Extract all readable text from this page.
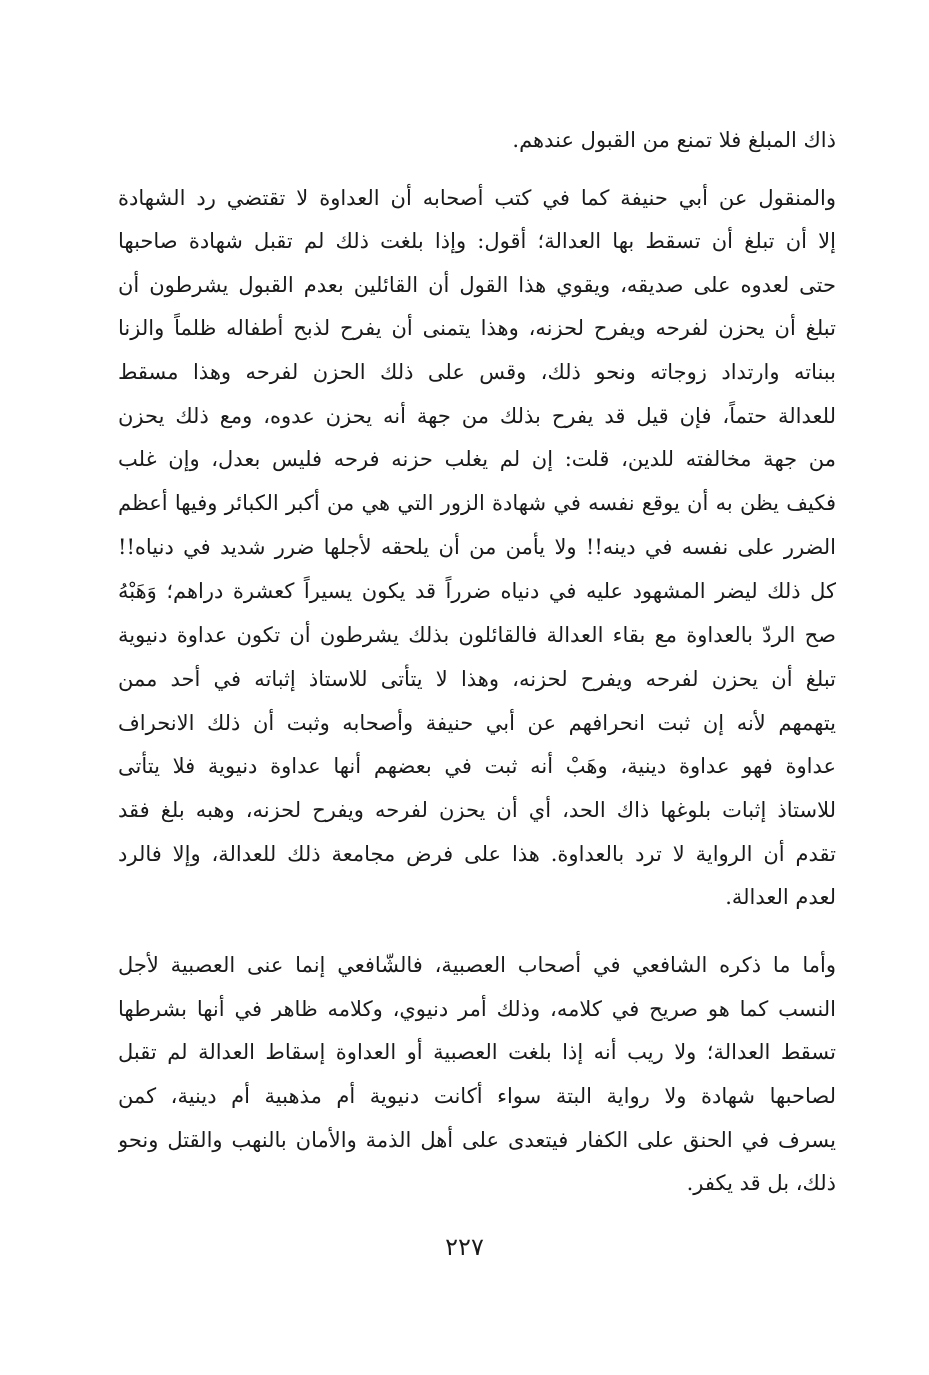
ذاك المبلغ فلا تمنع من القبول عندهم.
والمنقول عن أبي حنيفة كما في كتب أصحابه أن العداوة لا تقتضي رد الشهادة
إلا أن تبلغ أن تسقط بها العدالة؛ أقول: وإذا بلغت ذلك لم تقبل شهادة صاحبها
حتى لعدوه على صديقه، ويقوي هذا القول أن القائلين بعدم القبول يشرطون أن
تبلغ أن يحزن لفرحه ويفرح لحزنه، وهذا يتمنى أن يفرح لذبح أطفاله ظلماً والزنا
ببناته وارتداد زوجاته ونحو ذلك، وقس على ذلك الحزن لفرحه وهذا مسقط
للعدالة حتماً، فإن قيل قد يفرح بذلك من جهة أنه يحزن عدوه، ومع ذلك يحزن
من جهة مخالفته للدين، قلت: إن لم يغلب حزنه فرحه فليس بعدل، وإن غلب
فكيف يظن به أن يوقع نفسه في شهادة الزور التي هي من أكبر الكبائر وفيها أعظم
الضرر على نفسه في دينه!! ولا يأمن من أن يلحقه لأجلها ضرر شديد في دنياه!!
كل ذلك ليضر المشهود عليه في دنياه ضرراً قد يكون يسيراً كعشرة دراهم؛ وَهَبْهُ
صح الردّ بالعداوة مع بقاء العدالة فالقائلون بذلك يشرطون أن تكون عداوة دنيوية
تبلغ أن يحزن لفرحه ويفرح لحزنه، وهذا لا يتأتى للاستاذ إثباته في أحد ممن
يتهمهم لأنه إن ثبت انحرافهم عن أبي حنيفة وأصحابه وثبت أن ذلك الانحراف
عداوة فهو عداوة دينية، وهَبْ أنه ثبت في بعضهم أنها عداوة دنيوية فلا يتأتى
للاستاذ إثبات بلوغها ذاك الحد، أي أن يحزن لفرحه ويفرح لحزنه، وهبه بلغ فقد
تقدم أن الرواية لا ترد بالعداوة. هذا على فرض مجامعة ذلك للعدالة، وإلا فالرد
لعدم العدالة.
وأما ما ذكره الشافعي في أصحاب العصبية، فالشّافعي إنما عنى العصبية لأجل
النسب كما هو صريح في كلامه، وذلك أمر دنيوي، وكلامه ظاهر في أنها بشرطها
تسقط العدالة؛ ولا ريب أنه إذا بلغت العصبية أو العداوة إسقاط العدالة لم تقبل
لصاحبها شهادة ولا رواية البتة سواء أكانت دنيوية أم مذهبية أم دينية، كمن
يسرف في الحنق على الكفار فيتعدى على أهل الذمة والأمان بالنهب والقتل ونحو
ذلك، بل قد يكفر.
٢٢٧
